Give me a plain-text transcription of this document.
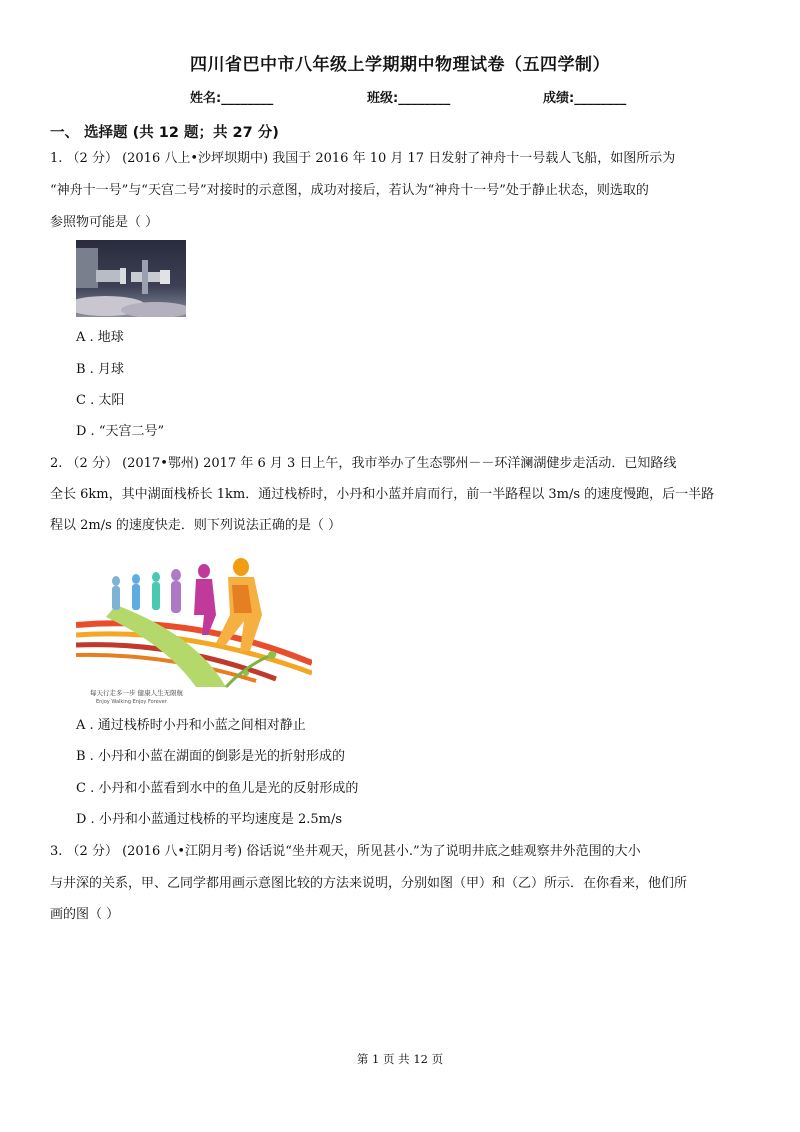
四川省巴中市八年级上学期期中物理试卷（五四学制）
姓名:________	班级:________	成绩:________
一、 选择题 (共 12 题；共 27 分)
1. （2 分） (2016 八上•沙坪坝期中) 我国于 2016 年 10 月 17 日发射了神舟十一号载人飞船，如图所示为
“神舟十一号”与“天宫二号”对接时的示意图，成功对接后，若认为“神舟十一号”处于静止状态，则选取的
参照物可能是（ ）
A . 地球
B . 月球
C . 太阳
D . “天宫二号”
2. （2 分） (2017•鄂州) 2017 年 6 月 3 日上午，我市举办了生态鄂州－－环洋澜湖健步走活动．已知路线
全长 6km，其中湖面栈桥长 1km．通过栈桥时，小丹和小蓝并肩而行，前一半路程以 3m/s 的速度慢跑，后一半路
程以 2m/s 的速度快走．则下列说法正确的是（ ）
每天行走多一步 健康人生无限航
Enjoy Walking Enjoy Forever
A . 通过栈桥时小丹和小蓝之间相对静止
B . 小丹和小蓝在湖面的倒影是光的折射形成的
C . 小丹和小蓝看到水中的鱼儿是光的反射形成的
D . 小丹和小蓝通过栈桥的平均速度是 2.5m/s
3. （2 分） (2016 八•江阴月考) 俗话说“坐井观天，所见甚小.”为了说明井底之蛙观察井外范围的大小
与井深的关系，甲、乙同学都用画示意图比较的方法来说明，分别如图（甲）和（乙）所示．在你看来，他们所
画的图（ ）
第 1 页 共 12 页
